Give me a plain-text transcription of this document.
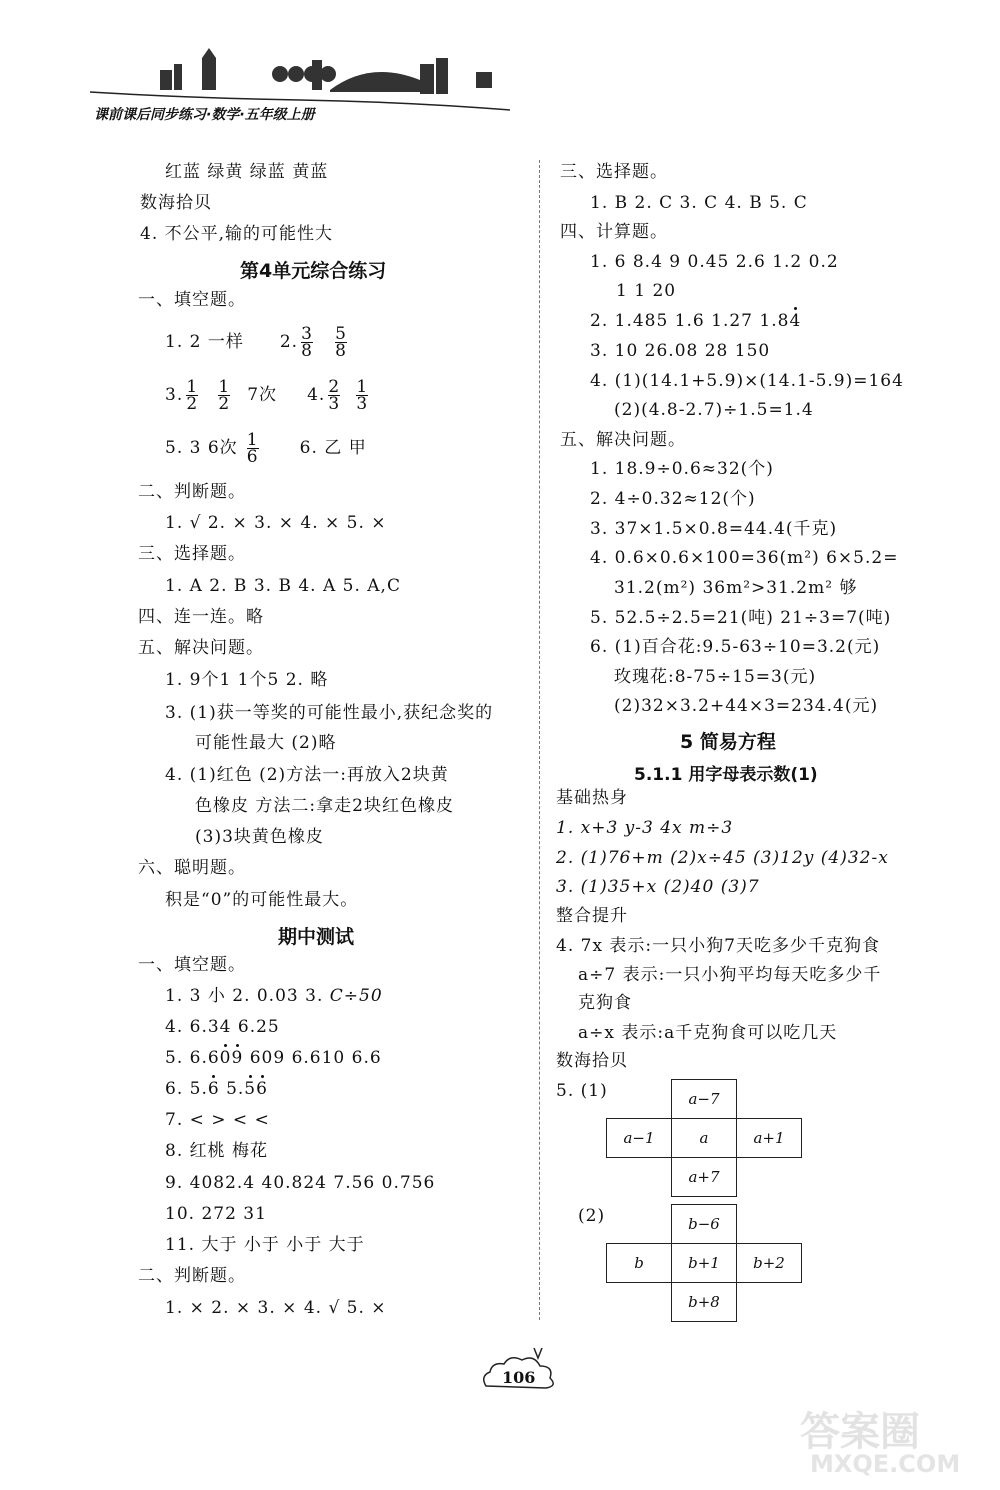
课前课后同步练习·数学·五年级上册
红蓝 绿黄 绿蓝 黄蓝
数海拾贝
4. 不公平,输的可能性大
第4单元综合练习
一、填空题。
1. 2 一样 2. $\frac{3}{8} \frac{5}{8}$
3. $\frac{1}{2} \frac{1}{2} 7$次 4. $\frac{2}{3} \frac{1}{3}$
5. 3 6次 $\frac{1}{6} 6$. 乙 甲
二、判断题。
1. √ 2. × 3. × 4. × 5. ×
三、选择题。
1. A 2. B 3. B 4. A 5. A,C
四、连一连。略
五、解决问题。
1. 9个1 1个5 2. 略
3. (1)获一等奖的可能性最小,获纪念奖的
可能性最大 (2)略
4. (1)红色 (2)方法一:再放入2块黄
色橡皮 方法二:拿走2块红色橡皮
(3)3块黄色橡皮
六、聪明题。
积是“0”的可能性最大。
期中测试
一、填空题。
1. 3 小 2. 0.03 3. C÷50
4. 6.34 6.25
5. 6.609 609 6.610 6.6
6. 5.6 5.56
7. < > < <
8. 红桃 梅花
9. 4082.4 40.824 7.56 0.756
10. 272 31
11. 大于 小于 小于 大于
二、判断题。
1. × 2. × 3. × 4. √ 5. ×
三、选择题。
1. B 2. C 3. C 4. B 5. C
四、计算题。
1. 6 8.4 9 0.45 2.6 1.2 0.2
1 1 20
2. 1.485 1.6 1.27 1.84
3. 10 26.08 28 150
4. (1)(14.1+5.9)×(14.1-5.9)=164
(2)(4.8-2.7)÷1.5=1.4
五、解决问题。
1. 18.9÷0.6≈32(个)
2. 4÷0.32≈12(个)
3. 37×1.5×0.8=44.4(千克)
4. 0.6×0.6×100=36(m²) 6×5.2=
31.2(m²) 36m²>31.2m² 够
5. 52.5÷2.5=21(吨) 21÷3=7(吨)
6. (1)百合花:9.5-63÷10=3.2(元)
玫瑰花:8-75÷15=3(元)
(2)32×3.2+44×3=234.4(元)
5 简易方程
5.1.1 用字母表示数(1)
基础热身
1. x+3 y-3 4x m÷3
2. (1)76+m (2)x÷45 (3)12y (4)32-x
3. (1)35+x (2)40 (3)7
整合提升
4. 7x 表示:一只小狗7天吃多少千克狗食
a÷7 表示:一只小狗平均每天吃多少千
克狗食
a÷x 表示:a千克狗食可以吃几天
数海拾贝
5. (1)
		a−7	
a−1	a	a+1
	a+7	
(2)
		b−6	
b	b+1	b+2
	b+8	
106
答案圈
MXQE.COM
